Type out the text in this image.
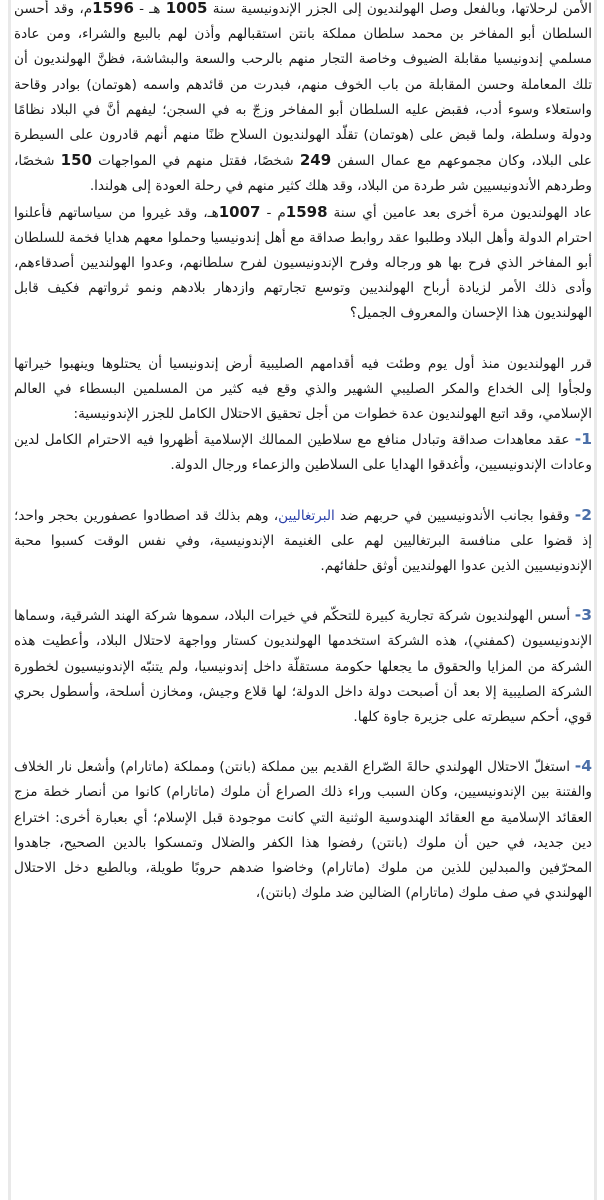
الأمن لرحلاتها، وبالفعل وصل الهولنديون إلى الجزر الإندونيسية سنة 1005 هـ - 1596م، وقد أحسن السلطان أبو المفاخر بن محمد سلطان مملكة بانتن استقبالهم وأذن لهم بالبيع والشراء، ومن عادة مسلمي إندونيسيا مقابلة الضيوف وخاصة التجار منهم بالرحب والسعة والبشاشة، فظنَّ الهولنديون أن تلك المعاملة وحسن المقابلة من باب الخوف منهم، فبدرت من قائدهم واسمه (هوتمان) بوادر وقاحة واستعلاء وسوء أدب، فقبض عليه السلطان أبو المفاخر وزجّ به في السجن؛ ليفهم أنَّ في البلاد نظامًا ودولة وسلطة، ولما قبض على (هوتمان) تقلّد الهولنديون السلاح ظنًا منهم أنهم قادرون على السيطرة على البلاد، وكان مجموعهم مع عمال السفن 249 شخصًا، فقتل منهم في المواجهات 150 شخصًا، وطردهم الأندونيسيين شر طردة من البلاد، وقد هلك كثير منهم في رحلة العودة إلى هولندا.

عاد الهولنديون مرة أخرى بعد عامين أي سنة 1598م - 1007هـ، وقد غيروا من سياساتهم فأعلنوا احترام الدولة وأهل البلاد وطلبوا عقد روابط صداقة مع أهل إندونيسيا وحملوا معهم هدايا فخمة للسلطان أبو المفاخر الذي فرح بها هو ورجاله وفرح الإندونيسيون لفرح سلطانهم، وعدوا الهولنديين أصدقاءهم، وأدى ذلك الأمر لزيادة أرباح الهولنديين وتوسع تجارتهم وازدهار بلادهم ونمو ثرواتهم فكيف قابل الهولنديون هذا الإحسان والمعروف الجميل؟

قرر الهولنديون منذ أول يوم وطئت فيه أقدامهم الصليبية أرض إندونيسيا أن يحتلوها وينهبوا خيراتها ولجأوا إلى الخداع والمكر الصليبي الشهير والذي وقع فيه كثير من المسلمين البسطاء في العالم الإسلامي، وقد اتبع الهولنديون عدة خطوات من أجل تحقيق الاحتلال الكامل للجزر الإندونيسية:

1- عقد معاهدات صداقة وتبادل منافع مع سلاطين الممالك الإسلامية أظهروا فيه الاحترام الكامل لدين وعادات الإندونيسيين، وأغدقوا الهدايا على السلاطين والزعماء ورجال الدولة.

2- وقفوا بجانب الأندونيسيين في حربهم ضد البرتغاليين، وهم بذلك قد اصطادوا عصفورين بحجر واحد؛ إذ قضوا على منافسة البرتغاليين لهم على الغنيمة الإندونيسية، وفي نفس الوقت كسبوا محبة الإندونيسيين الذين عدوا الهولنديين أوثق حلفائهم.

3- أسس الهولنديون شركة تجارية كبيرة للتحكّم في خيرات البلاد، سموها شركة الهند الشرقية، وسماها الإندونيسيون (كمفني)، هذه الشركة استخدمها الهولنديون كستار وواجهة لاحتلال البلاد، وأعطيت هذه الشركة من المزايا والحقوق ما يجعلها حكومة مستقلّة داخل إندونيسيا، ولم يتنبّه الإندونيسيون لخطورة الشركة الصليبية إلا بعد أن أصبحت دولة داخل الدولة؛ لها قلاع وجيش، ومخازن أسلحة، وأسطول بحري قوي، أحكم سيطرته على جزيرة جاوة كلها.

4- استغلّ الاحتلال الهولندي حالةَ الصّراع القديم بين مملكة (بانتن) ومملكة (ماتارام) وأشعل نار الخلاف والفتنة بين الإندونيسيين، وكان السبب وراء ذلك الصراع أن ملوك (ماتارام) كانوا من أنصار خطة مزج العقائد الإسلامية مع العقائد الهندوسية الوثنية التي كانت موجودة قبل الإسلام؛ أي بعبارة أخرى: اختراع دين جديد، في حين أن ملوك (بانتن) رفضوا هذا الكفر والضلال وتمسكوا بالدين الصحيح، جاهدوا المحرّفين والمبدلين للذين من ملوك (ماتارام) وخاضوا ضدهم حروبًا طويلة، وبالطبع دخل الاحتلال الهولندي في صف ملوك (ماتارام) الضالين ضد ملوك (بانتن)،
